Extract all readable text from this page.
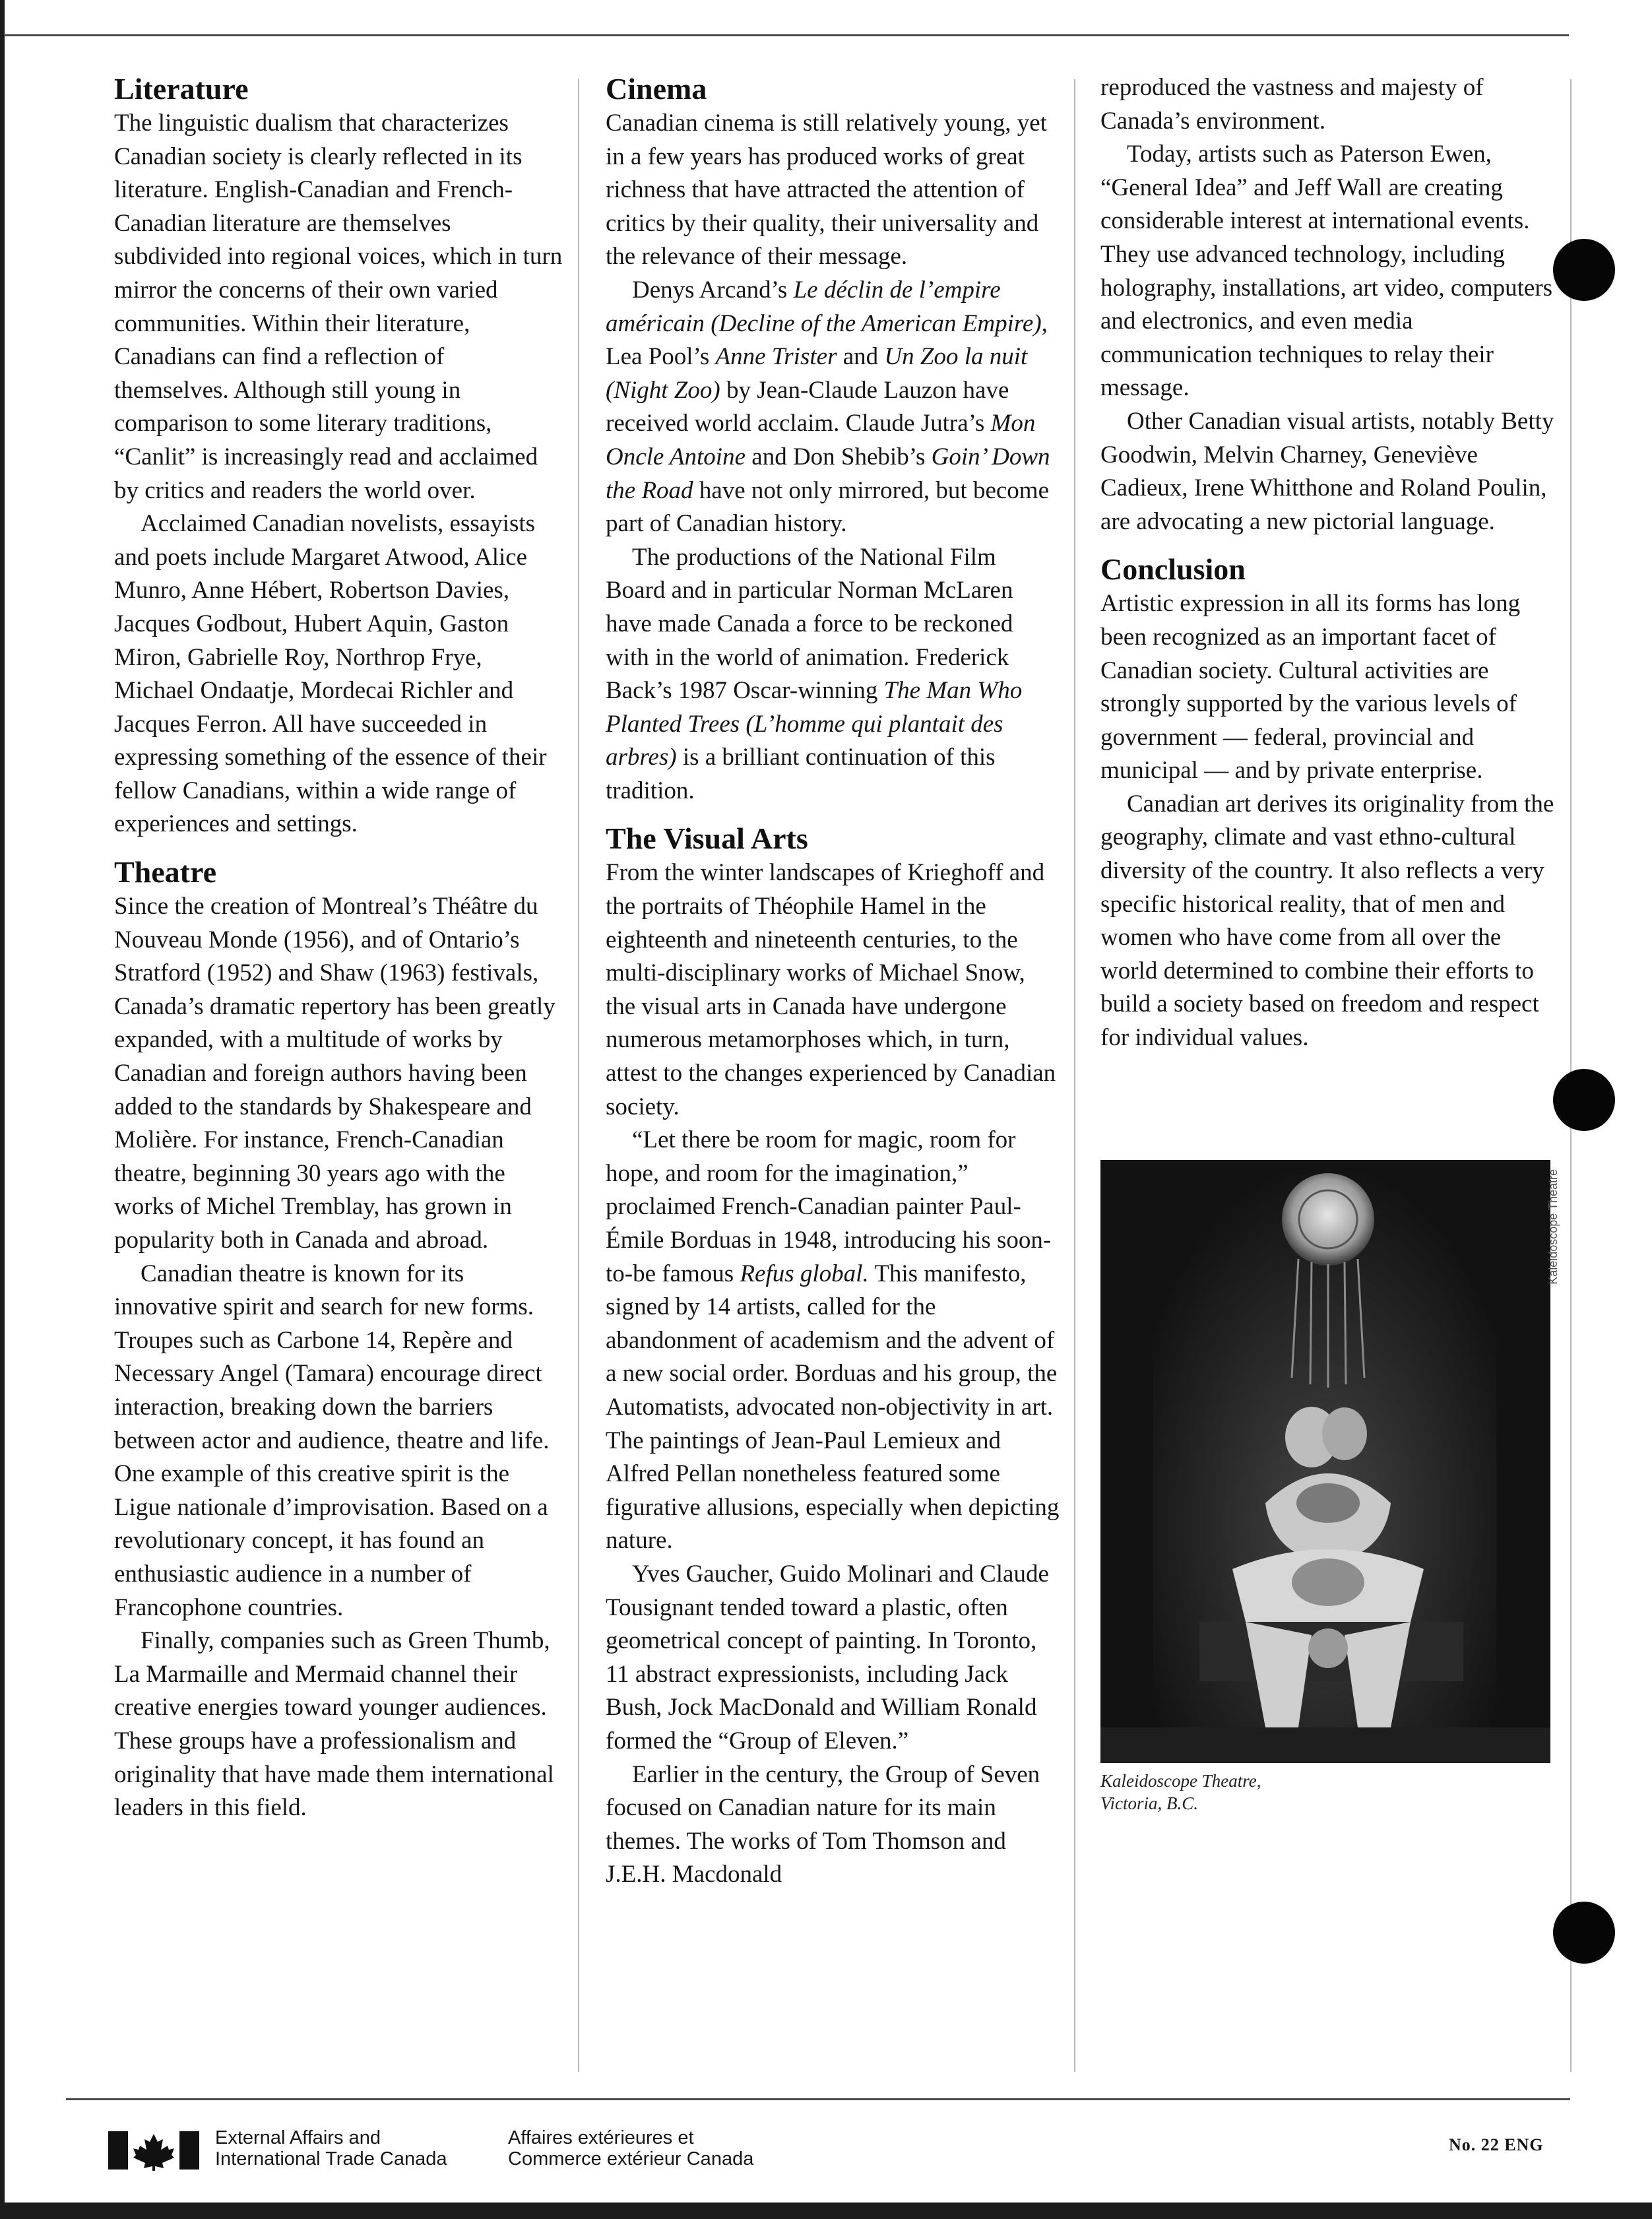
Literature

The linguistic dualism that characterizes Canadian society is clearly reflected in its literature. English-Canadian and French-Canadian literature are themselves subdivided into regional voices, which in turn mirror the concerns of their own varied communities. Within their literature, Canadians can find a reflection of themselves. Although still young in comparison to some literary traditions, “Canlit” is increasingly read and acclaimed by critics and readers the world over.

Acclaimed Canadian novelists, essayists and poets include Margaret Atwood, Alice Munro, Anne Hébert, Robertson Davies, Jacques Godbout, Hubert Aquin, Gaston Miron, Gabrielle Roy, Northrop Frye, Michael Ondaatje, Mordecai Richler and Jacques Ferron. All have succeeded in expressing something of the essence of their fellow Canadians, within a wide range of experiences and settings.

Theatre

Since the creation of Montreal’s Théâtre du Nouveau Monde (1956), and of Ontario’s Stratford (1952) and Shaw (1963) festivals, Canada’s dramatic repertory has been greatly expanded, with a multitude of works by Canadian and foreign authors having been added to the standards by Shakespeare and Molière. For instance, French-Canadian theatre, beginning 30 years ago with the works of Michel Tremblay, has grown in popularity both in Canada and abroad.

Canadian theatre is known for its innovative spirit and search for new forms. Troupes such as Carbone 14, Repère and Necessary Angel (Tamara) encourage direct interaction, breaking down the barriers between actor and audience, theatre and life. One example of this creative spirit is the Ligue nationale d’improvisation. Based on a revolutionary concept, it has found an enthusiastic audience in a number of Francophone countries.

Finally, companies such as Green Thumb, La Marmaille and Mermaid channel their creative energies toward younger audiences. These groups have a professionalism and originality that have made them international leaders in this field.

Cinema

Canadian cinema is still relatively young, yet in a few years has produced works of great richness that have attracted the attention of critics by their quality, their universality and the relevance of their message.

Denys Arcand’s Le déclin de l’empire américain (Decline of the American Empire), Lea Pool’s Anne Trister and Un Zoo la nuit (Night Zoo) by Jean-Claude Lauzon have received world acclaim. Claude Jutra’s Mon Oncle Antoine and Don Shebib’s Goin’ Down the Road have not only mirrored, but become part of Canadian history.

The productions of the National Film Board and in particular Norman McLaren have made Canada a force to be reckoned with in the world of animation. Frederick Back’s 1987 Oscar-winning The Man Who Planted Trees (L’homme qui plantait des arbres) is a brilliant continuation of this tradition.

The Visual Arts

From the winter landscapes of Krieghoff and the portraits of Théophile Hamel in the eighteenth and nineteenth centuries, to the multi-disciplinary works of Michael Snow, the visual arts in Canada have undergone numerous metamorphoses which, in turn, attest to the changes experienced by Canadian society.

“Let there be room for magic, room for hope, and room for the imagination,” proclaimed French-Canadian painter Paul-Émile Borduas in 1948, introducing his soon-to-be famous Refus global. This manifesto, signed by 14 artists, called for the abandonment of academism and the advent of a new social order. Borduas and his group, the Automatists, advocated non-objectivity in art. The paintings of Jean-Paul Lemieux and Alfred Pellan nonetheless featured some figurative allusions, especially when depicting nature.

Yves Gaucher, Guido Molinari and Claude Tousignant tended toward a plastic, often geometrical concept of painting. In Toronto, 11 abstract expressionists, including Jack Bush, Jock MacDonald and William Ronald formed the “Group of Eleven.”

Earlier in the century, the Group of Seven focused on Canadian nature for its main themes. The works of Tom Thomson and J.E.H. Macdonald

reproduced the vastness and majesty of Canada’s environment.

Today, artists such as Paterson Ewen, “General Idea” and Jeff Wall are creating considerable interest at international events. They use advanced technology, including holography, installations, art video, computers and electronics, and even media communication techniques to relay their message.

Other Canadian visual artists, notably Betty Goodwin, Melvin Charney, Geneviève Cadieux, Irene Whitthone and Roland Poulin, are advocating a new pictorial language.

Conclusion

Artistic expression in all its forms has long been recognized as an important facet of Canadian society. Cultural activities are strongly supported by the various levels of government — federal, provincial and municipal — and by private enterprise.

Canadian art derives its originality from the geography, climate and vast ethno-cultural diversity of the country. It also reflects a very specific historical reality, that of men and women who have come from all over the world determined to combine their efforts to build a society based on freedom and respect for individual values.

Kaleidoscope Theatre
Kaleidoscope Theatre,
Victoria, B.C.
External Affairs and
International Trade Canada
Affaires extérieures et
Commerce extérieur Canada
No. 22 ENG
